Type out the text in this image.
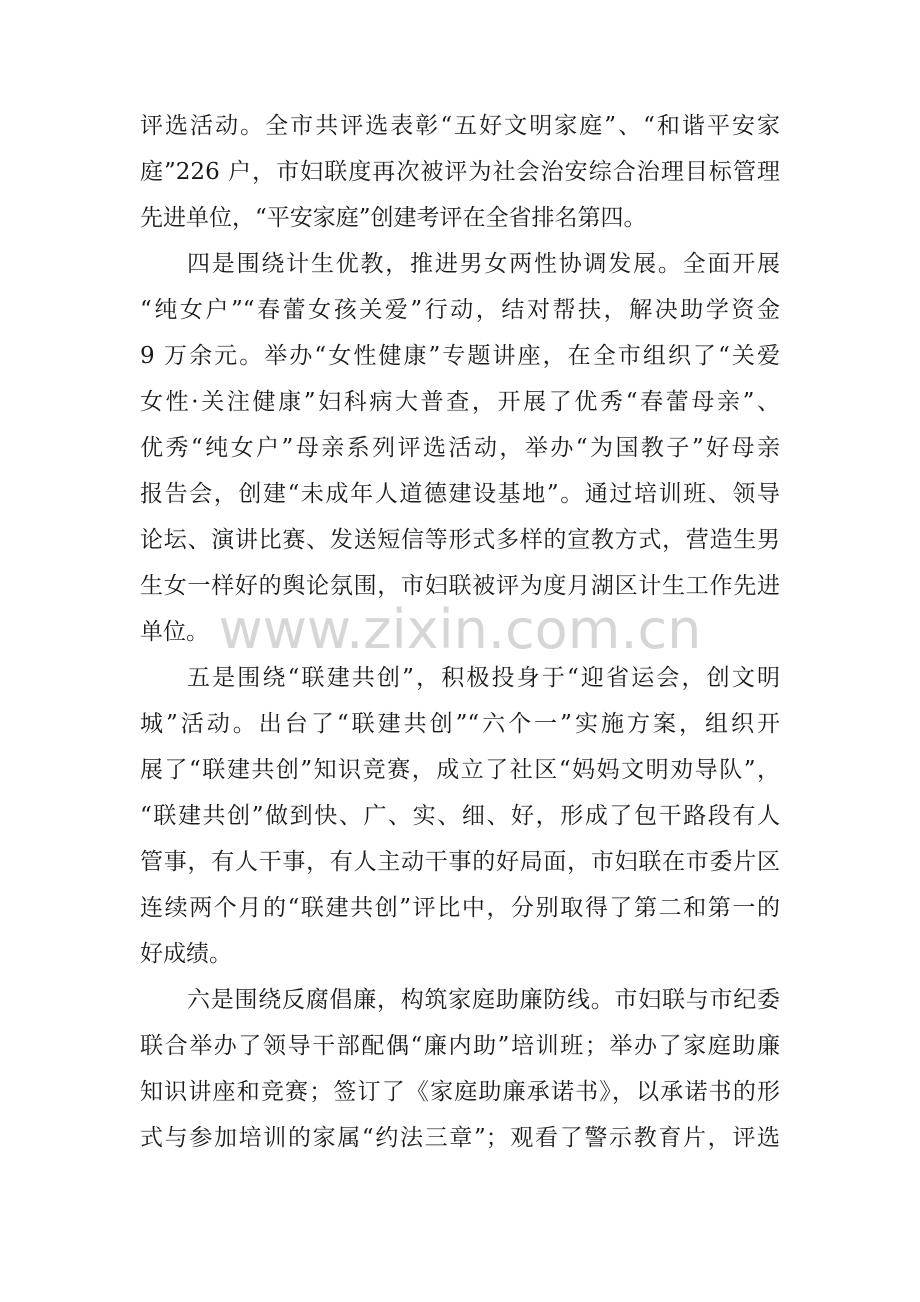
评选活动。全市共评选表彰“五好文明家庭”、“和谐平安家
庭”226 户，市妇联度再次被评为社会治安综合治理目标管理
先进单位，“平安家庭”创建考评在全省排名第四。
四是围绕计生优教，推进男女两性协调发展。全面开展
“纯女户”“春蕾女孩关爱”行动，结对帮扶，解决助学资金
9 万余元。举办“女性健康”专题讲座，在全市组织了“关爱
女性·关注健康”妇科病大普查，开展了优秀“春蕾母亲”、
优秀“纯女户”母亲系列评选活动，举办“为国教子”好母亲
报告会，创建“未成年人道德建设基地”。通过培训班、领导
论坛、演讲比赛、发送短信等形式多样的宣教方式，营造生男
生女一样好的舆论氛围，市妇联被评为度月湖区计生工作先进
单位。
五是围绕“联建共创”，积极投身于“迎省运会，创文明
城”活动。出台了“联建共创”“六个一”实施方案，组织开
展了“联建共创”知识竞赛，成立了社区“妈妈文明劝导队”，
“联建共创”做到快、广、实、细、好，形成了包干路段有人
管事，有人干事，有人主动干事的好局面，市妇联在市委片区
连续两个月的“联建共创”评比中，分别取得了第二和第一的
好成绩。
六是围绕反腐倡廉，构筑家庭助廉防线。市妇联与市纪委
联合举办了领导干部配偶“廉内助”培训班；举办了家庭助廉
知识讲座和竞赛；签订了《家庭助廉承诺书》，以承诺书的形
式与参加培训的家属“约法三章”；观看了警示教育片，评选
www.zixin.com.cn
